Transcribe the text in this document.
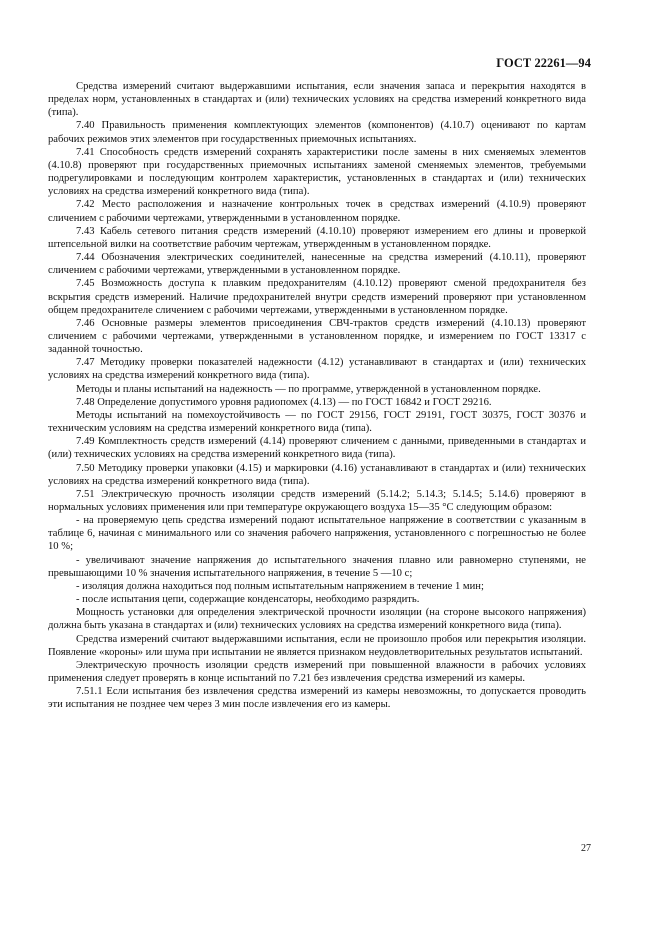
ГОСТ 22261—94

Средства измерений считают выдержавшими испытания, если значения запаса и перекрытия находятся в пределах норм, установленных в стандартах и (или) технических условиях на средства измерений конкретного вида (типа).

7.40 Правильность применения комплектующих элементов (компонентов) (4.10.7) оценивают по картам рабочих режимов этих элементов при государственных приемочных испытаниях.

7.41 Способность средств измерений сохранять характеристики после замены в них сменяемых элементов (4.10.8) проверяют при государственных приемочных испытаниях заменой сменяемых элементов, требуемыми подрегулировками и последующим контролем характеристик, установленных в стандартах и (или) технических условиях на средства измерений конкретного вида (типа).

7.42 Место расположения и назначение контрольных точек в средствах измерений (4.10.9) проверяют сличением с рабочими чертежами, утвержденными в установленном порядке.

7.43 Кабель сетевого питания средств измерений (4.10.10) проверяют измерением его длины и проверкой штепсельной вилки на соответствие рабочим чертежам, утвержденным в установленном порядке.

7.44 Обозначения электрических соединителей, нанесенные на средства измерений (4.10.11), проверяют сличением с рабочими чертежами, утвержденными в установленном порядке.

7.45 Возможность доступа к плавким предохранителям (4.10.12) проверяют сменой предохранителя без вскрытия средств измерений. Наличие предохранителей внутри средств измерений проверяют при установленном общем предохранителе сличением с рабочими чертежами, утвержденными в установленном порядке.

7.46 Основные размеры элементов присоединения СВЧ-трактов средств измерений (4.10.13) проверяют сличением с рабочими чертежами, утвержденными в установленном порядке, и измерением по ГОСТ 13317 с заданной точностью.

7.47 Методику проверки показателей надежности (4.12) устанавливают в стандартах и (или) технических условиях на средства измерений конкретного вида (типа).

Методы и планы испытаний на надежность — по программе, утвержденной в установленном порядке.

7.48 Определение допустимого уровня радиопомех (4.13) — по ГОСТ 16842 и ГОСТ 29216.

Методы испытаний на помехоустойчивость — по ГОСТ 29156, ГОСТ 29191, ГОСТ 30375, ГОСТ 30376 и техническим условиям на средства измерений конкретного вида (типа).

7.49 Комплектность средств измерений (4.14) проверяют сличением с данными, приведенными в стандартах и (или) технических условиях на средства измерений конкретного вида (типа).

7.50 Методику проверки упаковки (4.15) и маркировки (4.16) устанавливают в стандартах и (или) технических условиях на средства измерений конкретного вида (типа).

7.51 Электрическую прочность изоляции средств измерений (5.14.2; 5.14.3; 5.14.5; 5.14.6) проверяют в нормальных условиях применения или при температуре окружающего воздуха 15—35 °С следующим образом:

- на проверяемую цепь средства измерений подают испытательное напряжение в соответствии с указанным в таблице 6, начиная с минимального или со значения рабочего напряжения, установленного с погрешностью не более 10 %;

- увеличивают значение напряжения до испытательного значения плавно или равномерно ступенями, не превышающими 10 % значения испытательного напряжения, в течение 5 —10 с;

- изоляция должна находиться под полным испытательным напряжением в течение 1 мин;

- после испытания цепи, содержащие конденсаторы, необходимо разрядить.

Мощность установки для определения электрической прочности изоляции (на стороне высокого напряжения) должна быть указана в стандартах и (или) технических условиях на средства измерений конкретного вида (типа).

Средства измерений считают выдержавшими испытания, если не произошло пробоя или перекрытия изоляции. Появление «короны» или шума при испытании не является признаком неудовлетворительных результатов испытаний.

Электрическую прочность изоляции средств измерений при повышенной влажности в рабочих условиях применения следует проверять в конце испытаний по 7.21 без извлечения средства измерений из камеры.

7.51.1 Если испытания без извлечения средства измерений из камеры невозможны, то допускается проводить эти испытания не позднее чем через 3 мин после извлечения его из камеры.

27
